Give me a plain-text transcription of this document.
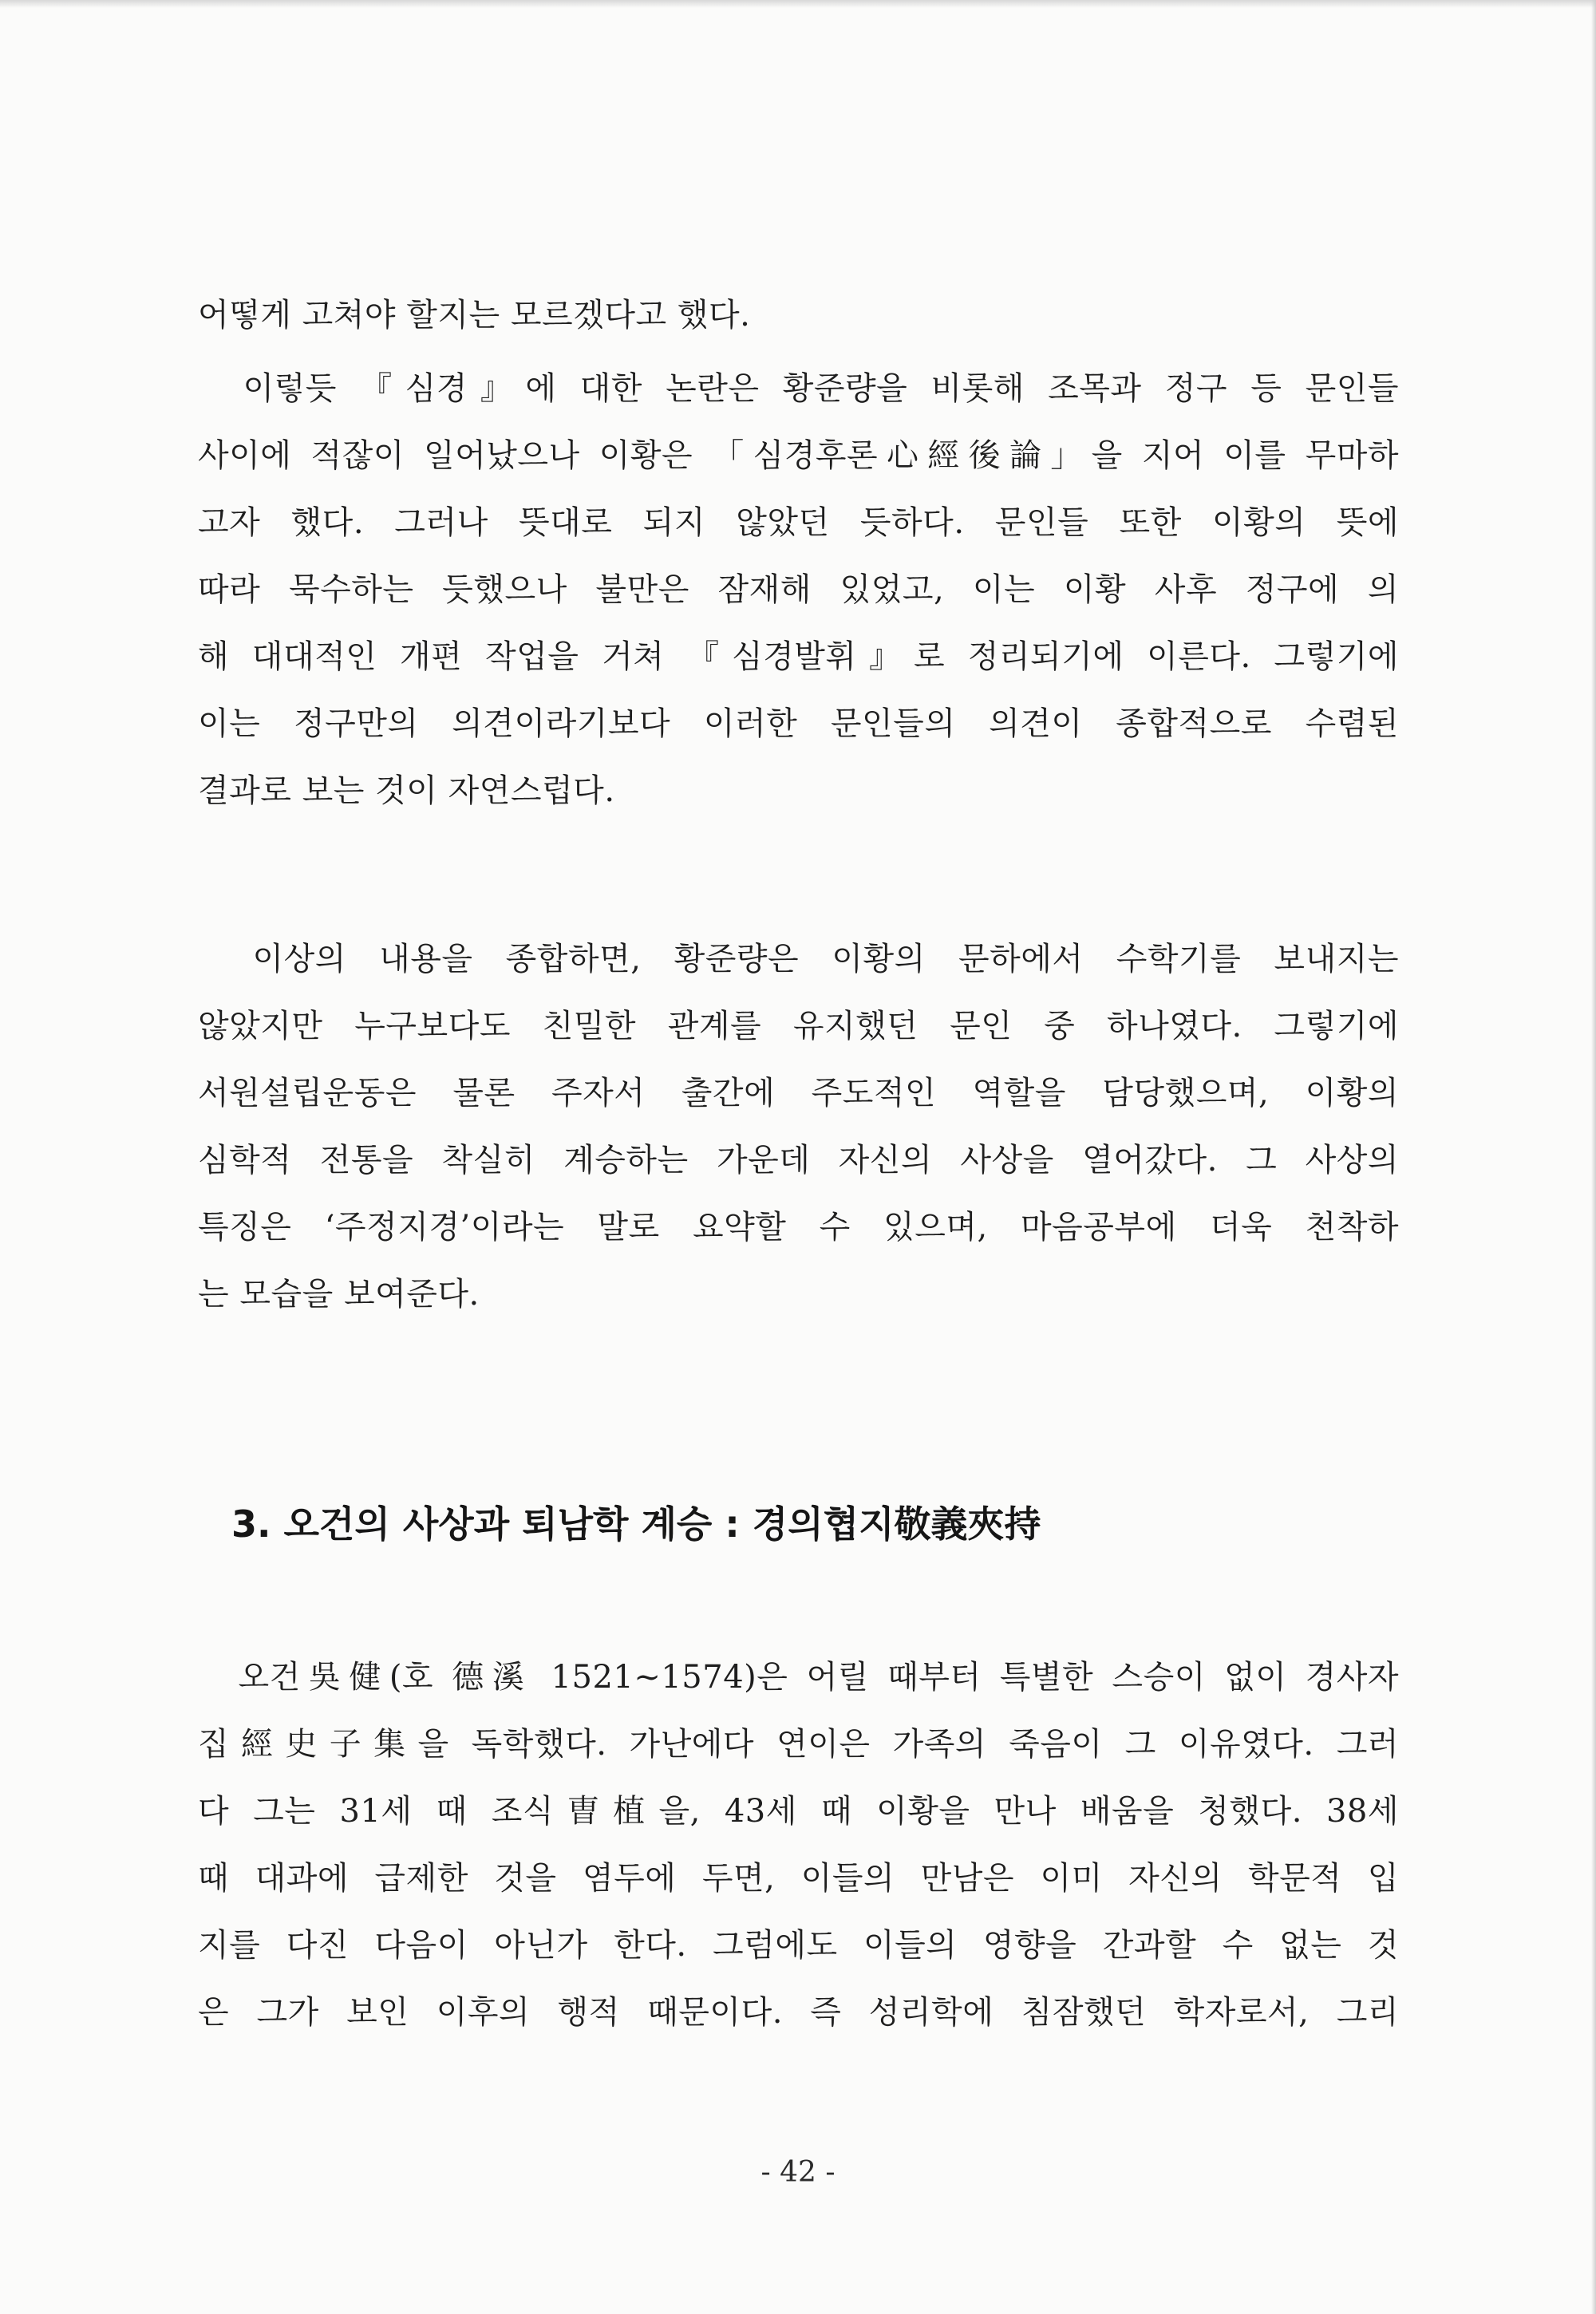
어떻게 고쳐야 할지는 모르겠다고 했다.
　이렇듯 『심경』에 대한 논란은 황준량을 비롯해 조목과 정구 등 문인들
사이에 적잖이 일어났으나 이황은 「심경후론心經後論」을 지어 이를 무마하
고자 했다. 그러나 뜻대로 되지 않았던 듯하다. 문인들 또한 이황의 뜻에
따라 묵수하는 듯했으나 불만은 잠재해 있었고, 이는 이황 사후 정구에 의
해 대대적인 개편 작업을 거쳐 『심경발휘』로 정리되기에 이른다. 그렇기에
이는 정구만의 의견이라기보다 이러한 문인들의 의견이 종합적으로 수렴된
결과로 보는 것이 자연스럽다.
　이상의 내용을 종합하면, 황준량은 이황의 문하에서 수학기를 보내지는
않았지만 누구보다도 친밀한 관계를 유지했던 문인 중 하나였다. 그렇기에
서원설립운동은 물론 주자서 출간에 주도적인 역할을 담당했으며, 이황의
심학적 전통을 착실히 계승하는 가운데 자신의 사상을 열어갔다. 그 사상의
특징은 ‘주정지경’이라는 말로 요약할 수 있으며, 마음공부에 더욱 천착하
는 모습을 보여준다.
3. 오건의 사상과 퇴남학 계승 : 경의협지敬義夾持
　오건吳健(호 德溪 1521~1574)은 어릴 때부터 특별한 스승이 없이 경사자
집經史子集을 독학했다. 가난에다 연이은 가족의 죽음이 그 이유였다. 그러
다 그는 31세 때 조식曺植을, 43세 때 이황을 만나 배움을 청했다. 38세
때 대과에 급제한 것을 염두에 두면, 이들의 만남은 이미 자신의 학문적 입
지를 다진 다음이 아닌가 한다. 그럼에도 이들의 영향을 간과할 수 없는 것
은 그가 보인 이후의 행적 때문이다. 즉 성리학에 침잠했던 학자로서, 그리
- 42 -
